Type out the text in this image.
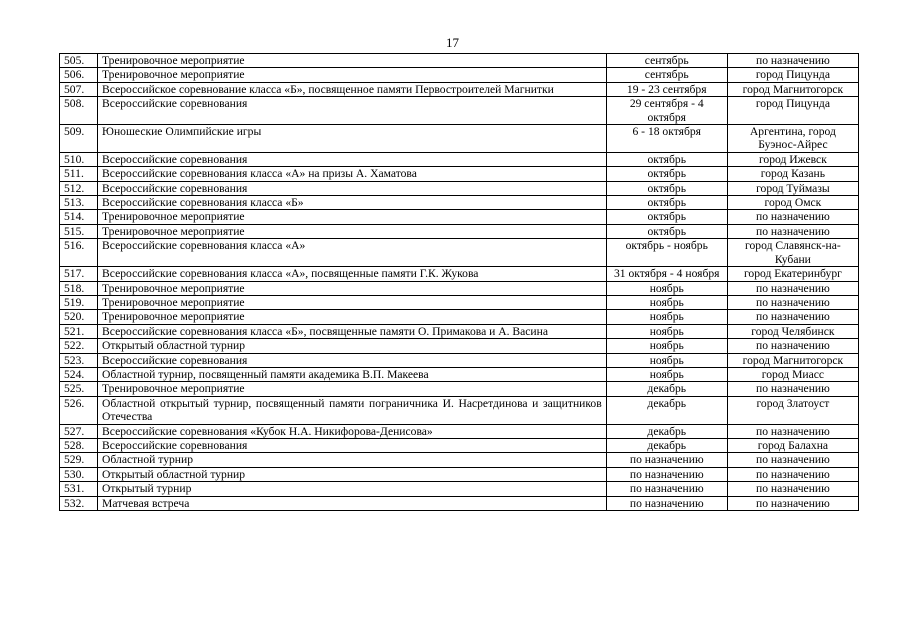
17
505.	Тренировочное мероприятие	сентябрь	по назначению
506.	Тренировочное мероприятие	сентябрь	город Пицунда
507.	Всероссийское соревнование класса «Б», посвященное памяти Первостроителей Магнитки	19 - 23 сентября	город Магнитогорск
508.	Всероссийские соревнования	29 сентября - 4 октября	город Пицунда
509.	Юношеские Олимпийские игры	6 - 18 октября	Аргентина, город Буэнос-Айрес
510.	Всероссийские соревнования	октябрь	город Ижевск
511.	Всероссийские соревнования класса «А» на призы А. Хаматова	октябрь	город Казань
512.	Всероссийские соревнования	октябрь	город Туймазы
513.	Всероссийские соревнования класса «Б»	октябрь	город Омск
514.	Тренировочное мероприятие	октябрь	по назначению
515.	Тренировочное мероприятие	октябрь	по назначению
516.	Всероссийские соревнования класса «А»	октябрь - ноябрь	город Славянск-на-Кубани
517.	Всероссийские соревнования класса «А», посвященные памяти Г.К. Жукова	31 октября - 4 ноября	город Екатеринбург
518.	Тренировочное мероприятие	ноябрь	по назначению
519.	Тренировочное мероприятие	ноябрь	по назначению
520.	Тренировочное мероприятие	ноябрь	по назначению
521.	Всероссийские соревнования класса «Б», посвященные памяти О. Примакова и А. Васина	ноябрь	город Челябинск
522.	Открытый областной турнир	ноябрь	по назначению
523.	Всероссийские соревнования	ноябрь	город Магнитогорск
524.	Областной турнир, посвященный памяти академика В.П. Макеева	ноябрь	город Миасс
525.	Тренировочное мероприятие	декабрь	по назначению
526.	Областной открытый турнир, посвященный памяти пограничника И. Насретдинова и защитников Отечества	декабрь	город Златоуст
527.	Всероссийские соревнования «Кубок Н.А. Никифорова-Денисова»	декабрь	по назначению
528.	Всероссийские соревнования	декабрь	город Балахна
529.	Областной турнир	по назначению	по назначению
530.	Открытый областной турнир	по назначению	по назначению
531.	Открытый турнир	по назначению	по назначению
532.	Матчевая встреча	по назначению	по назначению
